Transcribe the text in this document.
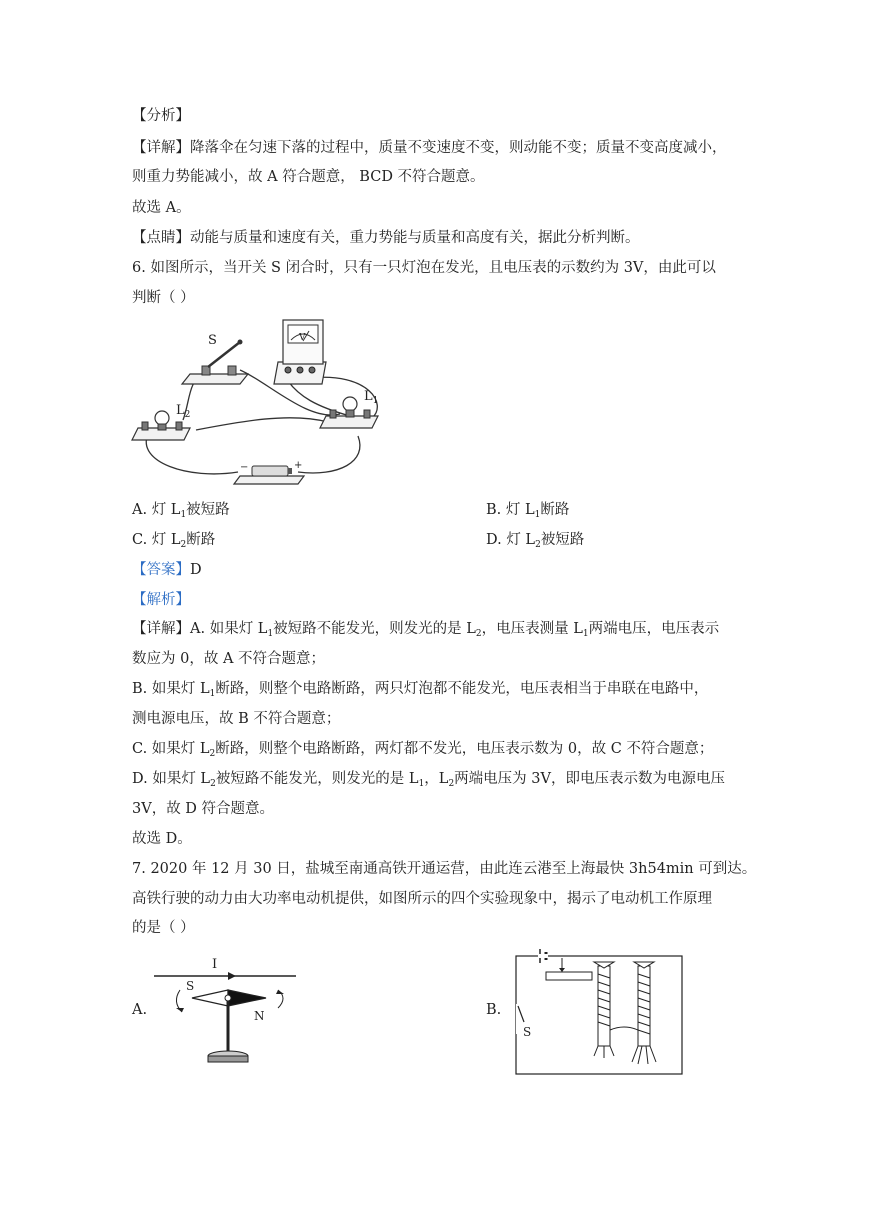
【分析】
【详解】降落伞在匀速下落的过程中，质量不变速度不变，则动能不变；质量不变高度减小，
则重力势能减小，故 A 符合题意， BCD 不符合题意。
故选 A。
【点睛】动能与质量和速度有关，重力势能与质量和高度有关，据此分析判断。
6. 如图所示，当开关 S 闭合时，只有一只灯泡在发光，且电压表的示数约为 3V，由此可以
判断（ ）
S	V
$L_2$
$L_1$
−	+
A. 灯 $L_1$被短路	B. 灯 $L_1$断路
C. 灯 $L_2$断路	D. 灯 $L_2$被短路
【答案】D
【解析】
【详解】A. 如果灯 $L_1$被短路不能发光，则发光的是 $L_2$，电压表测量 $L_1$两端电压，电压表示
数应为 0，故 A 不符合题意；
B. 如果灯 $L_1$断路，则整个电路断路，两只灯泡都不能发光，电压表相当于串联在电路中，
测电源电压，故 B 不符合题意；
C. 如果灯 $L_2$断路，则整个电路断路，两灯都不发光，电压表示数为 0，故 C 不符合题意；
D. 如果灯 $L_2$被短路不能发光，则发光的是 $L_1$，$L_2$两端电压为 3V，即电压表示数为电源电压
3V，故 D 符合题意。
故选 D。
7. 2020 年 12 月 30 日，盐城至南通高铁开通运营，由此连云港至上海最快 3h54min 可到达。
高铁行驶的动力由大功率电动机提供，如图所示的四个实验现象中，揭示了电动机工作原理
的是（ ）
A.
I
S
N	B.
S
